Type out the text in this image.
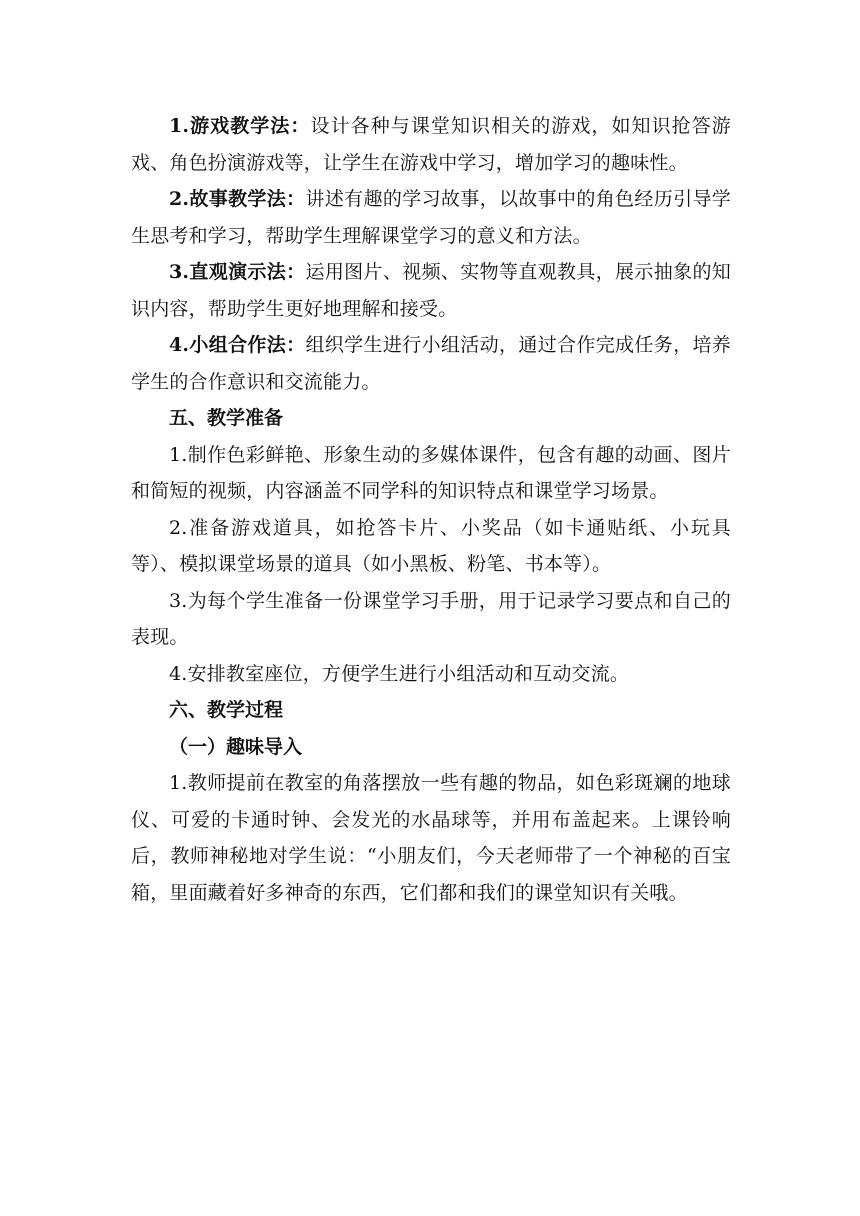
1.游戏教学法：设计各种与课堂知识相关的游戏，如知识抢答游戏、角色扮演游戏等，让学生在游戏中学习，增加学习的趣味性。

2.故事教学法：讲述有趣的学习故事，以故事中的角色经历引导学生思考和学习，帮助学生理解课堂学习的意义和方法。

3.直观演示法：运用图片、视频、实物等直观教具，展示抽象的知识内容，帮助学生更好地理解和接受。

4.小组合作法：组织学生进行小组活动，通过合作完成任务，培养学生的合作意识和交流能力。

五、教学准备

1.制作色彩鲜艳、形象生动的多媒体课件，包含有趣的动画、图片和简短的视频，内容涵盖不同学科的知识特点和课堂学习场景。

2.准备游戏道具，如抢答卡片、小奖品（如卡通贴纸、小玩具等）、模拟课堂场景的道具（如小黑板、粉笔、书本等）。

3.为每个学生准备一份课堂学习手册，用于记录学习要点和自己的表现。

4.安排教室座位，方便学生进行小组活动和互动交流。

六、教学过程

（一）趣味导入

1.教师提前在教室的角落摆放一些有趣的物品，如色彩斑斓的地球仪、可爱的卡通时钟、会发光的水晶球等，并用布盖起来。上课铃响后，教师神秘地对学生说：“小朋友们，今天老师带了一个神秘的百宝箱，里面藏着好多神奇的东西，它们都和我们的课堂知识有关哦。
